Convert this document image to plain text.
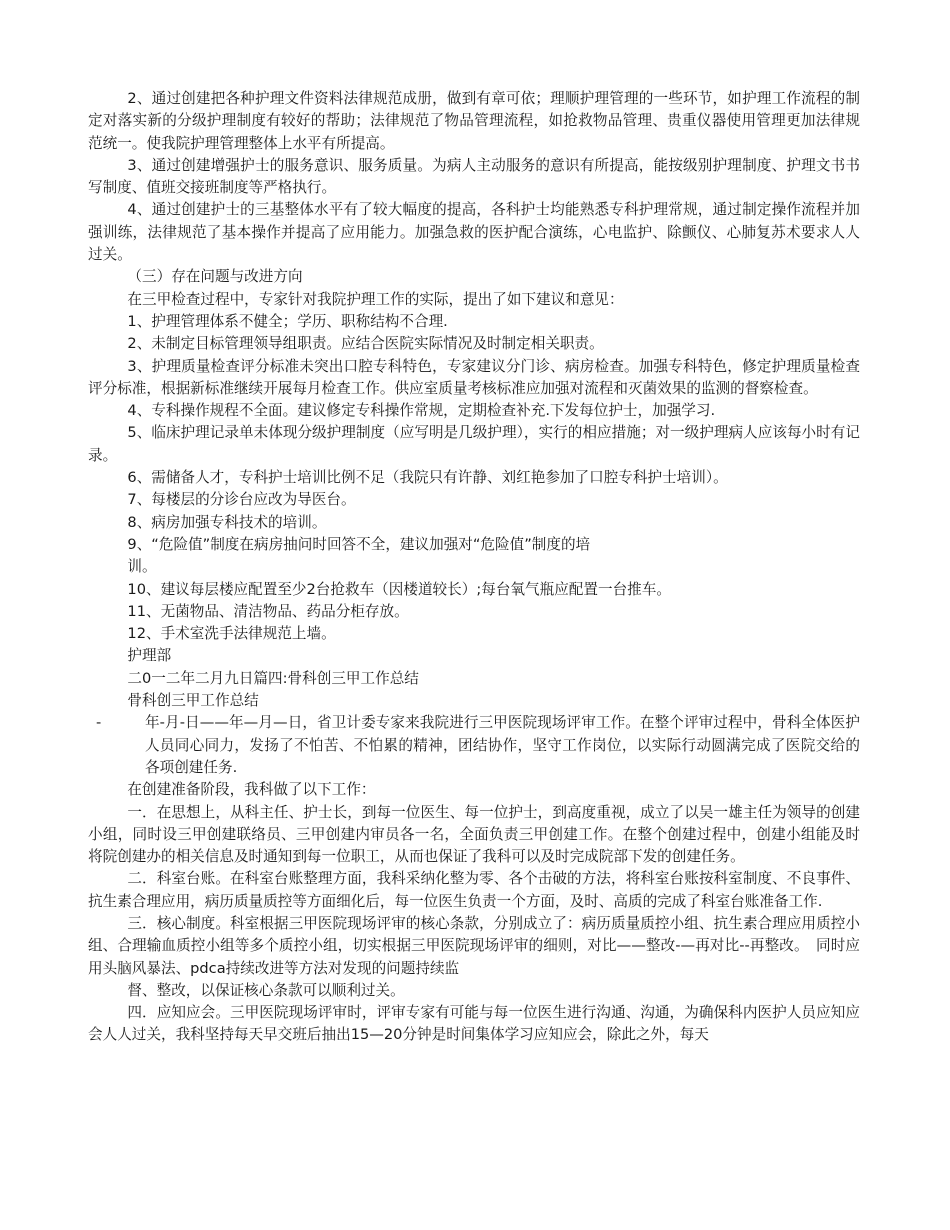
2、通过创建把各种护理文件资料法律规范成册，做到有章可依；理顺护理管理的一些环节，如护理工作流程的制定对落实新的分级护理制度有较好的帮助；法律规范了物品管理流程，如抢救物品管理、贵重仪器使用管理更加法律规范统一。使我院护理管理整体上水平有所提高。

3、通过创建增强护士的服务意识、服务质量。为病人主动服务的意识有所提高，能按级别护理制度、护理文书书写制度、值班交接班制度等严格执行。

4、通过创建护士的三基整体水平有了较大幅度的提高，各科护士均能熟悉专科护理常规，通过制定操作流程并加强训练，法律规范了基本操作并提高了应用能力。加强急救的医护配合演练，心电监护、除颤仪、心肺复苏术要求人人过关。

（三）存在问题与改进方向

在三甲检查过程中，专家针对我院护理工作的实际，提出了如下建议和意见：

1、护理管理体系不健全；学历、职称结构不合理.

2、未制定目标管理领导组职责。应结合医院实际情况及时制定相关职责。

3、护理质量检查评分标准未突出口腔专科特色，专家建议分门诊、病房检查。加强专科特色，修定护理质量检查评分标准，根据新标准继续开展每月检查工作。供应室质量考核标准应加强对流程和灭菌效果的监测的督察检查。

4、专科操作规程不全面。建议修定专科操作常规，定期检查补充.下发每位护士，加强学习.

5、临床护理记录单未体现分级护理制度（应写明是几级护理），实行的相应措施；对一级护理病人应该每小时有记录。

6、需储备人才，专科护士培训比例不足（我院只有许静、刘红艳参加了口腔专科护士培训）。

7、每楼层的分诊台应改为导医台。

8、病房加强专科技术的培训。

9、“危险值”制度在病房抽问时回答不全，建议加强对“危险值”制度的培

训。

10、建议每层楼应配置至少2台抢救车（因楼道较长）;每台氧气瓶应配置一台推车。

11、无菌物品、清洁物品、药品分柜存放。

12、手术室洗手法律规范上墙。

护理部

二0一二年二月九日篇四:骨科创三甲工作总结

骨科创三甲工作总结

-	年-月-日——年—月—日，省卫计委专家来我院进行三甲医院现场评审工作。在整个评审过程中，骨科全体医护人员同心同力，发扬了不怕苦、不怕累的精神，团结协作，坚守工作岗位，以实际行动圆满完成了医院交给的各项创建任务.

在创建准备阶段，我科做了以下工作：

一．在思想上，从科主任、护士长，到每一位医生、每一位护士，到高度重视，成立了以吴一雄主任为领导的创建小组，同时设三甲创建联络员、三甲创建内审员各一名，全面负责三甲创建工作。在整个创建过程中，创建小组能及时将院创建办的相关信息及时通知到每一位职工，从而也保证了我科可以及时完成院部下发的创建任务。

二．科室台账。在科室台账整理方面，我科采纳化整为零、各个击破的方法，将科室台账按科室制度、不良事件、抗生素合理应用，病历质量质控等方面细化后，每一位医生负责一个方面，及时、高质的完成了科室台账准备工作.

三．核心制度。科室根据三甲医院现场评审的核心条款，分别成立了：病历质量质控小组、抗生素合理应用质控小组、合理输血质控小组等多个质控小组，切实根据三甲医院现场评审的细则，对比——整改-—再对比--再整改。　同时应用头脑风暴法、pdca持续改进等方法对发现的问题持续监

督、整改，以保证核心条款可以顺利过关。

四．应知应会。三甲医院现场评审时，评审专家有可能与每一位医生进行沟通、沟通，为确保科内医护人员应知应会人人过关，我科坚持每天早交班后抽出15—20分钟是时间集体学习应知应会，除此之外，每天
